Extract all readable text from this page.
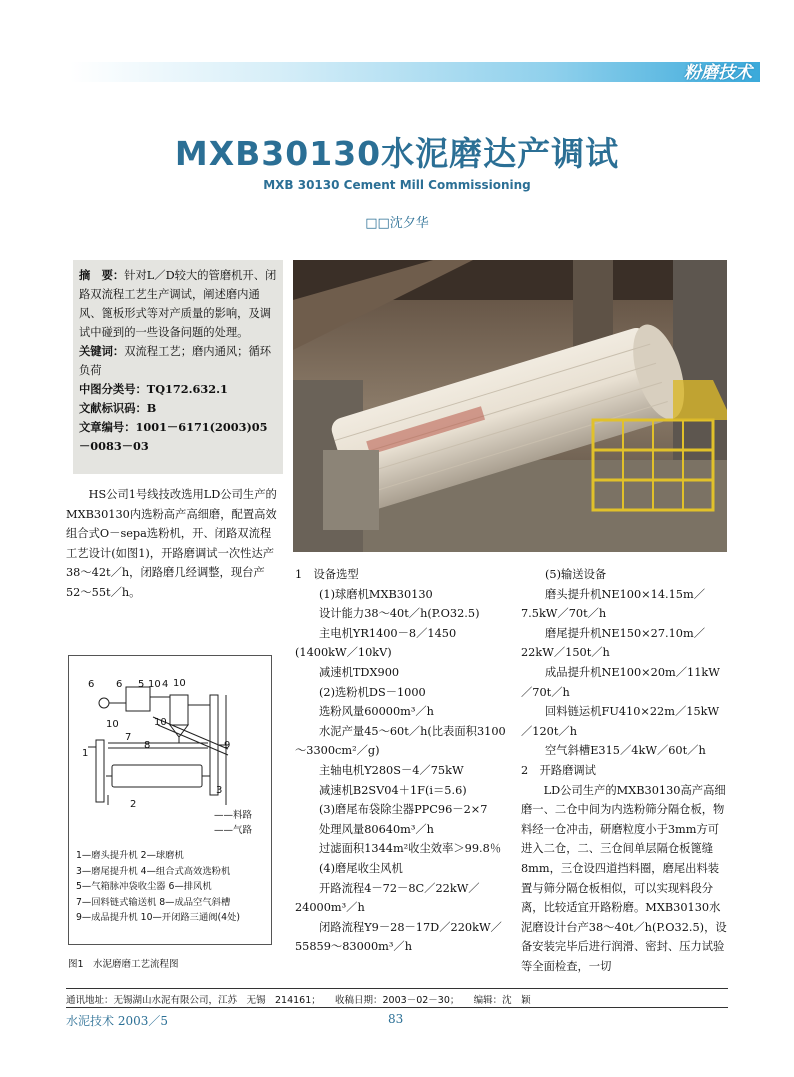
粉磨技术
MXB30130水泥磨达产调试
MXB 30130 Cement Mill Commissioning
□□沈夕华

摘　要：针对L／D较大的管磨机开、闭路双流程工艺生产调试，阐述磨内通风、篦板形式等对产质量的影响，及调试中碰到的一些设备问题的处理。

关键词：双流程工艺；磨内通风；循环负荷

中图分类号：TQ172.632.1

文献标识码：B

文章编号：1001－6171(2003)05－0083－03

HS公司1号线技改选用LD公司生产的MXB30130内选粉高产高细磨，配置高效组合式O－sepa选粉机，开、闭路双流程工艺设计(如图1)，开路磨调试一次性达产38～42t／h，闭路磨几经调整，现台产52～55t／h。
6 6 5 10 4 10
10	10
7
8	9
1
2
3
——料路
——气路

1—磨头提升机 2—球磨机

3—磨尾提升机 4—组合式高效选粉机

5—气箱脉冲袋收尘器 6—排风机

7—回料链式输送机 8—成品空气斜槽

9—成品提升机 10—开闭路三通阀(4处)

图1　水泥磨磨工艺流程图

1　设备选型

(1)球磨机MXB30130

设计能力38～40t／h(P.O32.5)

主电机YR1400－8／1450

(1400kW／10kV)

减速机TDX900

(2)选粉机DS－1000

选粉风量60000m³／h

水泥产量45～60t／h(比表面积3100～3300cm²／g)

主轴电机Y280S－4／75kW

减速机B2SV04＋1F(i＝5.6)

(3)磨尾布袋除尘器PPC96－2×7

处理风量80640m³／h

过滤面积1344m²收尘效率＞99.8％

(4)磨尾收尘风机

开路流程4－72－8C／22kW／24000m³／h

闭路流程Y9－28－17D／220kW／55859～83000m³／h

(5)输送设备

磨头提升机NE100×14.15m／7.5kW／70t／h

磨尾提升机NE150×27.10m／22kW／150t／h

成品提升机NE100×20m／11kW／70t／h

回料链运机FU410×22m／15kW／120t／h

空气斜槽E315／4kW／60t／h

2　开路磨调试

LD公司生产的MXB30130高产高细磨一、二仓中间为内选粉筛分隔仓板，物料经一仓冲击，研磨粒度小于3mm方可进入二仓，二、三仓间单层隔仓板篦缝8mm，三仓设四道挡料圈，磨尾出料装置与筛分隔仓板相似，可以实现料段分离，比较适宜开路粉磨。MXB30130水泥磨设计台产38～40t／h(P.O32.5)，设备安装完毕后进行润滑、密封、压力试验等全面检查，一切

通讯地址：无锡湖山水泥有限公司，江苏　无锡　214161；　　收稿日期：2003－02－30；　　编辑：沈　颖
水泥技术 2003／5	83
